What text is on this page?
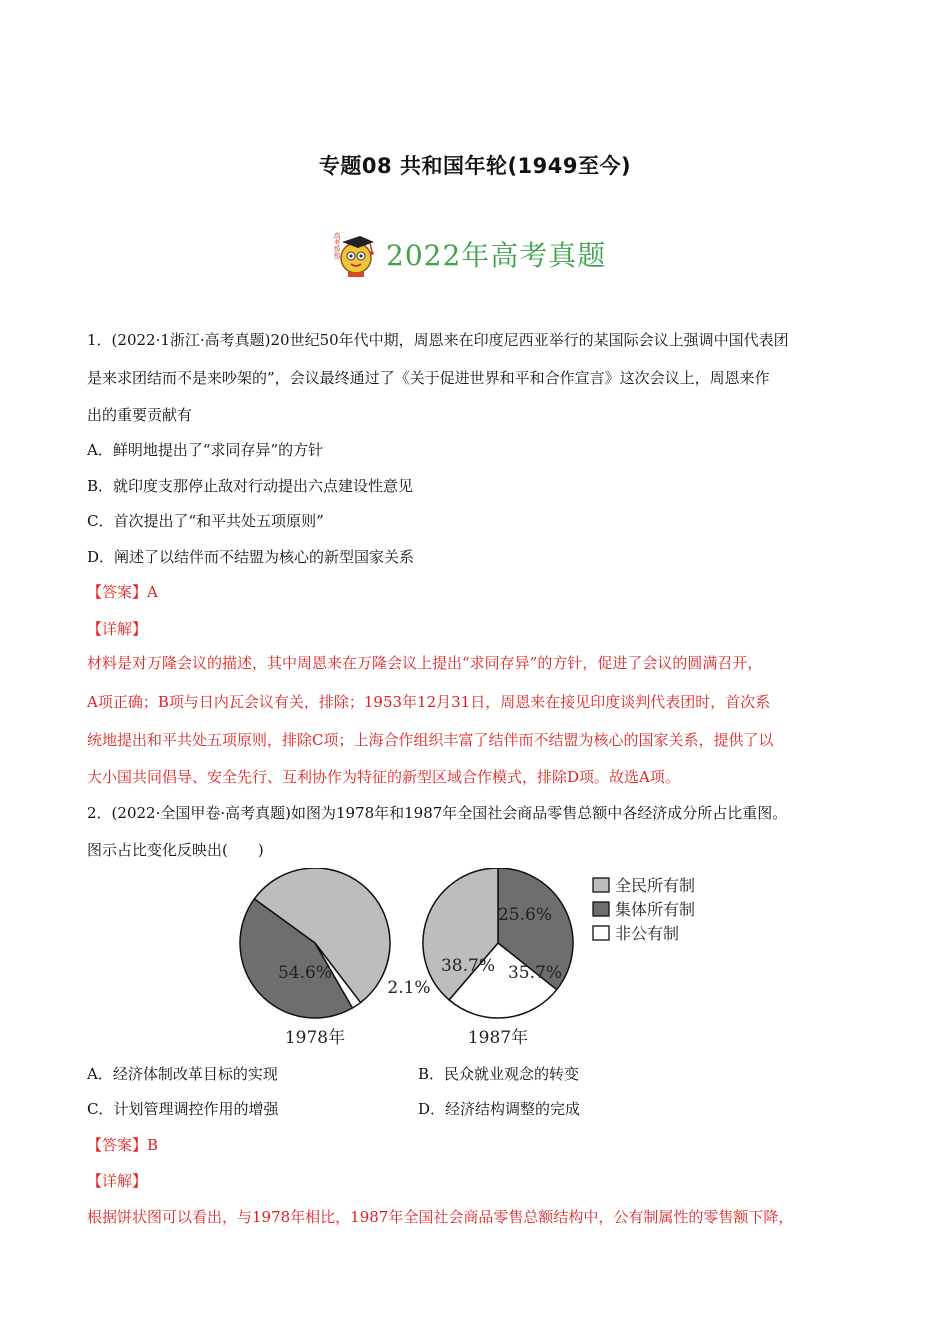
专题08 共和国年轮(1949至今)
2022年高考真题
高考帮帮
1．(2022·1浙江·高考真题)20世纪50年代中期，周恩来在印度尼西亚举行的某国际会议上强调中国代表团
是来求团结而不是来吵架的”，会议最终通过了《关于促进世界和平和合作宣言》这次会议上，周恩来作
出的重要贡献有
A．鲜明地提出了“求同存异”的方针
B．就印度支那停止敌对行动提出六点建设性意见
C．首次提出了“和平共处五项原则”
D．阐述了以结伴而不结盟为核心的新型国家关系
【答案】A
【详解】
材料是对万隆会议的描述，其中周恩来在万隆会议上提出“求同存异”的方针，促进了会议的圆满召开，
A项正确；B项与日内瓦会议有关，排除；1953年12月31日，周恩来在接见印度谈判代表团时，首次系
统地提出和平共处五项原则，排除C项；上海合作组织丰富了结伴而不结盟为核心的国家关系，提供了以
大小国共同倡导、安全先行、互利协作为特征的新型区域合作模式，排除D项。故选A项。
2．(2022·全国甲卷·高考真题)如图为1978年和1987年全国社会商品零售总额中各经济成分所占比重图。
图示占比变化反映出(　　)
54.6%
2.1%
1978年
38.7% 35.7%
25.6%
1987年
全民所有制
集体所有制
非公有制
A．经济体制改革目标的实现	B．民众就业观念的转变
C．计划管理调控作用的增强	D．经济结构调整的完成
【答案】B
【详解】
根据饼状图可以看出，与1978年相比，1987年全国社会商品零售总额结构中，公有制属性的零售额下降，
